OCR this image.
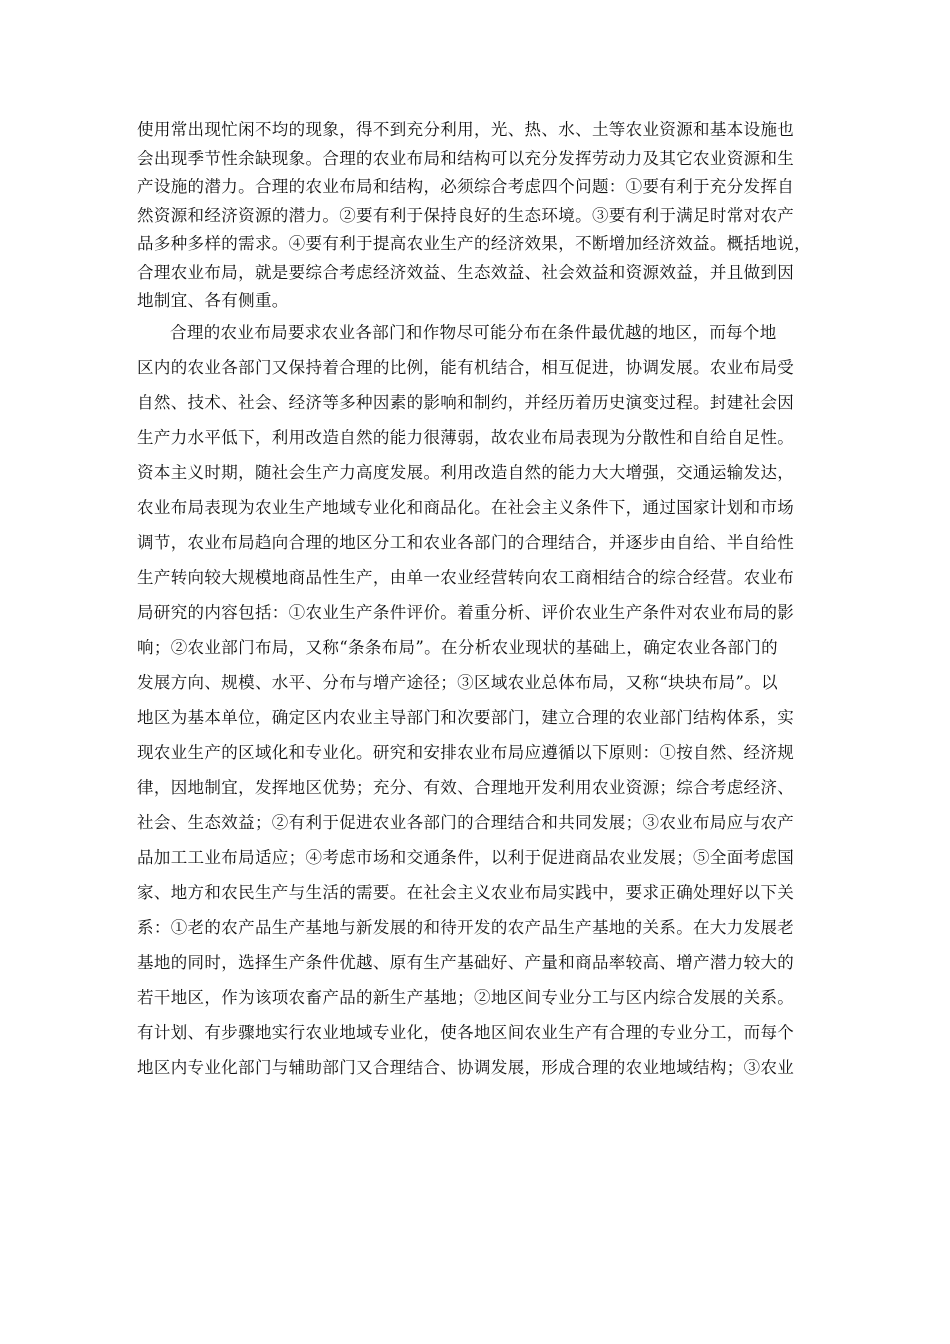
使用常出现忙闲不均的现象，得不到充分利用，光、热、水、土等农业资源和基本设施也
会出现季节性余缺现象。合理的农业布局和结构可以充分发挥劳动力及其它农业资源和生
产设施的潜力。合理的农业布局和结构，必须综合考虑四个问题：①要有利于充分发挥自
然资源和经济资源的潜力。②要有利于保持良好的生态环境。③要有利于满足时常对农产
品多种多样的需求。④要有利于提高农业生产的经济效果，不断增加经济效益。概括地说，
合理农业布局，就是要综合考虑经济效益、生态效益、社会效益和资源效益，并且做到因
地制宜、各有侧重。
合理的农业布局要求农业各部门和作物尽可能分布在条件最优越的地区，而每个地
区内的农业各部门又保持着合理的比例，能有机结合，相互促进，协调发展。农业布局受
自然、技术、社会、经济等多种因素的影响和制约，并经历着历史演变过程。封建社会因
生产力水平低下，利用改造自然的能力很薄弱，故农业布局表现为分散性和自给自足性。
资本主义时期，随社会生产力高度发展。利用改造自然的能力大大增强，交通运输发达，
农业布局表现为农业生产地域专业化和商品化。在社会主义条件下，通过国家计划和市场
调节，农业布局趋向合理的地区分工和农业各部门的合理结合，并逐步由自给、半自给性
生产转向较大规模地商品性生产，由单一农业经营转向农工商相结合的综合经营。农业布
局研究的内容包括：①农业生产条件评价。着重分析、评价农业生产条件对农业布局的影
响；②农业部门布局，又称“条条布局”。在分析农业现状的基础上，确定农业各部门的
发展方向、规模、水平、分布与增产途径；③区域农业总体布局，又称“块块布局”。以
地区为基本单位，确定区内农业主导部门和次要部门，建立合理的农业部门结构体系，实
现农业生产的区域化和专业化。研究和安排农业布局应遵循以下原则：①按自然、经济规
律，因地制宜，发挥地区优势；充分、有效、合理地开发利用农业资源；综合考虑经济、
社会、生态效益；②有利于促进农业各部门的合理结合和共同发展；③农业布局应与农产
品加工工业布局适应；④考虑市场和交通条件，以利于促进商品农业发展；⑤全面考虑国
家、地方和农民生产与生活的需要。在社会主义农业布局实践中，要求正确处理好以下关
系：①老的农产品生产基地与新发展的和待开发的农产品生产基地的关系。在大力发展老
基地的同时，选择生产条件优越、原有生产基础好、产量和商品率较高、增产潜力较大的
若干地区，作为该项农畜产品的新生产基地；②地区间专业分工与区内综合发展的关系。
有计划、有步骤地实行农业地域专业化，使各地区间农业生产有合理的专业分工，而每个
地区内专业化部门与辅助部门又合理结合、协调发展，形成合理的农业地域结构；③农业
